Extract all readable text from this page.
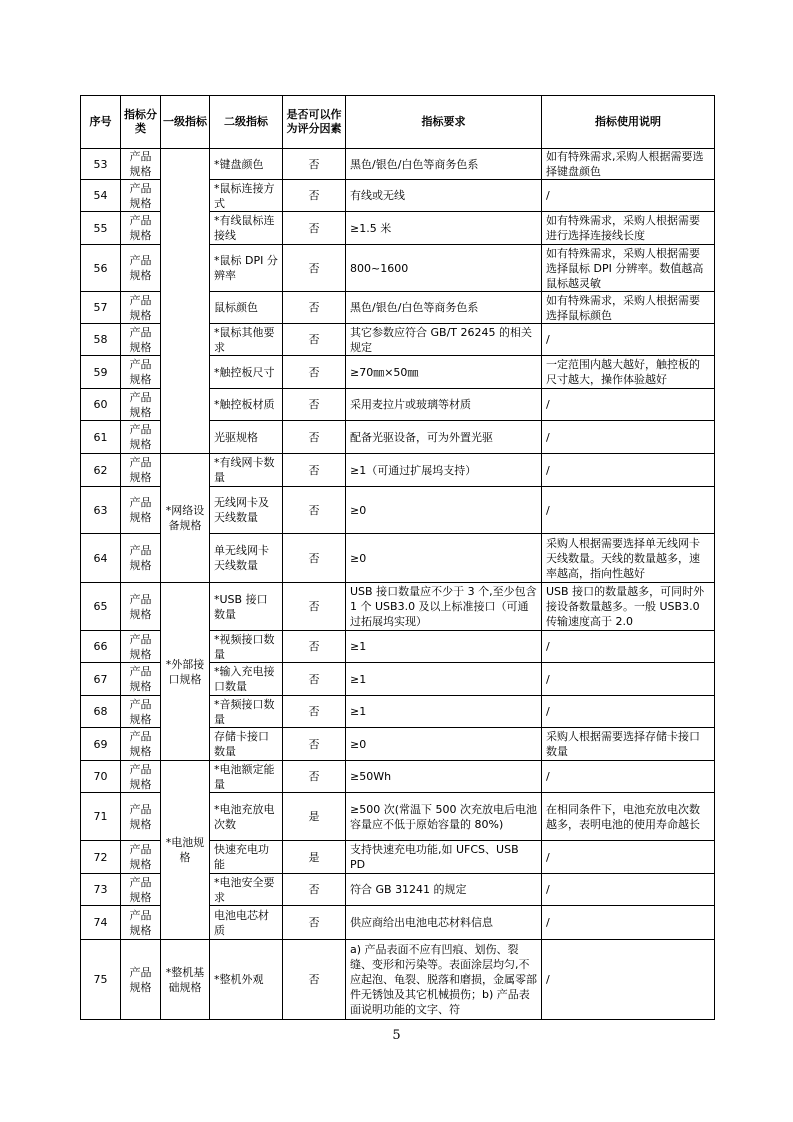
序号	指标分类	一级指标	二级指标	是否可以作为评分因素	指标要求	指标使用说明
53	产品规格		*键盘颜色	否	黑色/银色/白色等商务色系	如有特殊需求,采购人根据需要选择键盘颜色
54	产品规格		*鼠标连接方式	否	有线或无线	/
55	产品规格		*有线鼠标连接线	否	≥1.5 米	如有特殊需求，采购人根据需要进行选择连接线长度
56	产品规格		*鼠标 DPI 分辨率	否	800~1600	如有特殊需求，采购人根据需要选择鼠标 DPI 分辨率。数值越高鼠标越灵敏
57	产品规格		鼠标颜色	否	黑色/银色/白色等商务色系	如有特殊需求，采购人根据需要选择鼠标颜色
58	产品规格		*鼠标其他要求	否	其它参数应符合 GB/T 26245 的相关规定	/
59	产品规格		*触控板尺寸	否	≥70㎜×50㎜	一定范围内越大越好，触控板的尺寸越大，操作体验越好
60	产品规格		*触控板材质	否	采用麦拉片或玻璃等材质	/
61	产品规格		光驱规格	否	配备光驱设备，可为外置光驱	/
62	产品规格	*网络设备规格	*有线网卡数量	否	≥1（可通过扩展坞支持）	/
63	产品规格		无线网卡及天线数量	否	≥0	/
64	产品规格		单无线网卡天线数量	否	≥0	采购人根据需要选择单无线网卡天线数量。天线的数量越多，速率越高，指向性越好
65	产品规格	*外部接口规格	*USB 接口数量	否	USB 接口数量应不少于 3 个,至少包含 1 个 USB3.0 及以上标准接口（可通过拓展坞实现）	USB 接口的数量越多，可同时外接设备数量越多。一般 USB3.0 传输速度高于 2.0
66	产品规格		*视频接口数量	否	≥1	/
67	产品规格		*输入充电接口数量	否	≥1	/
68	产品规格		*音频接口数量	否	≥1	/
69	产品规格		存储卡接口数量	否	≥0	采购人根据需要选择存储卡接口数量
70	产品规格	*电池规格	*电池额定能量	否	≥50Wh	/
71	产品规格		*电池充放电次数	是	≥500 次(常温下 500 次充放电后电池容量应不低于原始容量的 80%)	在相同条件下，电池充放电次数越多，表明电池的使用寿命越长
72	产品规格		快速充电功能	是	支持快速充电功能,如 UFCS、USB PD	/
73	产品规格		*电池安全要求	否	符合 GB 31241 的规定	/
74	产品规格		电池电芯材质	否	供应商给出电池电芯材料信息	/
75	产品规格	*整机基础规格	*整机外观	否	a) 产品表面不应有凹痕、划伤、裂缝、变形和污染等。表面涂层均匀,不应起泡、龟裂、脱落和磨损，金属零部件无锈蚀及其它机械损伤；b) 产品表面说明功能的文字、符	/
5
